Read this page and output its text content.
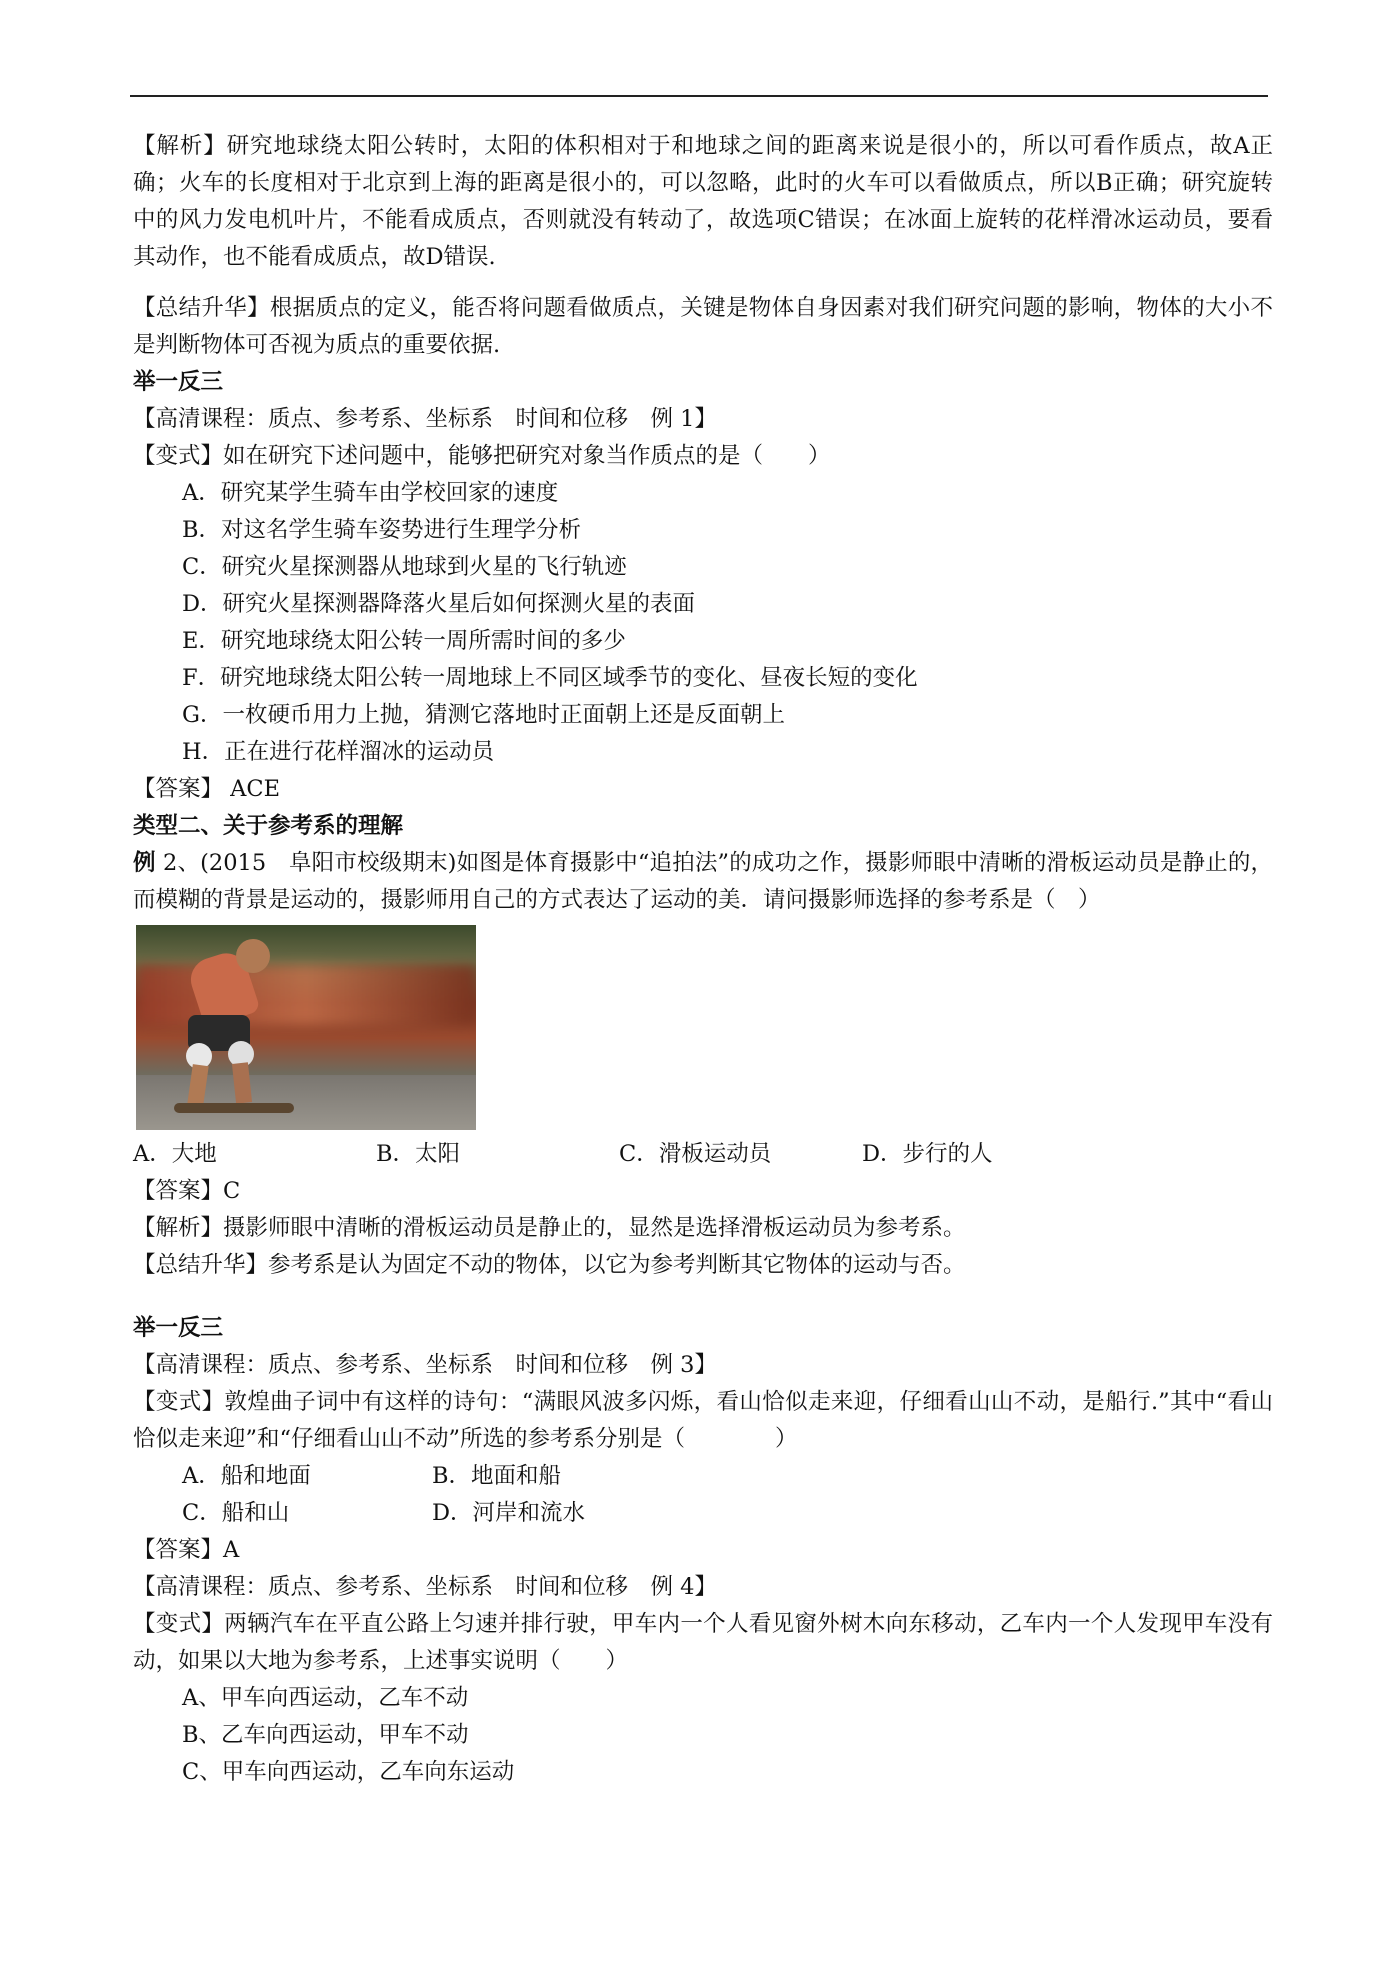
【解析】研究地球绕太阳公转时，太阳的体积相对于和地球之间的距离来说是很小的，所以可看作质点，故A正确；火车的长度相对于北京到上海的距离是很小的，可以忽略，此时的火车可以看做质点，所以B正确；研究旋转中的风力发电机叶片，不能看成质点，否则就没有转动了，故选项C错误；在冰面上旋转的花样滑冰运动员，要看其动作，也不能看成质点，故D错误.

【总结升华】根据质点的定义，能否将问题看做质点，关键是物体自身因素对我们研究问题的影响，物体的大小不是判断物体可否视为质点的重要依据.

举一反三

【高清课程：质点、参考系、坐标系　时间和位移　例 1】

【变式】如在研究下述问题中，能够把研究对象当作质点的是（　　）

A．研究某学生骑车由学校回家的速度

B．对这名学生骑车姿势进行生理学分析

C．研究火星探测器从地球到火星的飞行轨迹

D．研究火星探测器降落火星后如何探测火星的表面

E．研究地球绕太阳公转一周所需时间的多少

F．研究地球绕太阳公转一周地球上不同区域季节的变化、昼夜长短的变化

G．一枚硬币用力上抛，猜测它落地时正面朝上还是反面朝上

H．正在进行花样溜冰的运动员

【答案】 ACE

类型二、关于参考系的理解

例 2、(2015　阜阳市校级期末)如图是体育摄影中“追拍法”的成功之作，摄影师眼中清晰的滑板运动员是静止的，而模糊的背景是运动的，摄影师用自己的方式表达了运动的美．请问摄影师选择的参考系是（　）

A．大地	B．太阳	C．滑板运动员	D．步行的人

【答案】C

【解析】摄影师眼中清晰的滑板运动员是静止的，显然是选择滑板运动员为参考系。

【总结升华】参考系是认为固定不动的物体，以它为参考判断其它物体的运动与否。

举一反三

【高清课程：质点、参考系、坐标系　时间和位移　例 3】

【变式】敦煌曲子词中有这样的诗句：“满眼风波多闪烁，看山恰似走来迎，仔细看山山不动，是船行.”其中“看山恰似走来迎”和“仔细看山山不动”所选的参考系分别是（　　　　）

A．船和地面	B．地面和船
C．船和山	D．河岸和流水

【答案】A

【高清课程：质点、参考系、坐标系　时间和位移　例 4】

【变式】两辆汽车在平直公路上匀速并排行驶，甲车内一个人看见窗外树木向东移动，乙车内一个人发现甲车没有动，如果以大地为参考系，上述事实说明（　　）

A、甲车向西运动，乙车不动

B、乙车向西运动，甲车不动

C、甲车向西运动，乙车向东运动
